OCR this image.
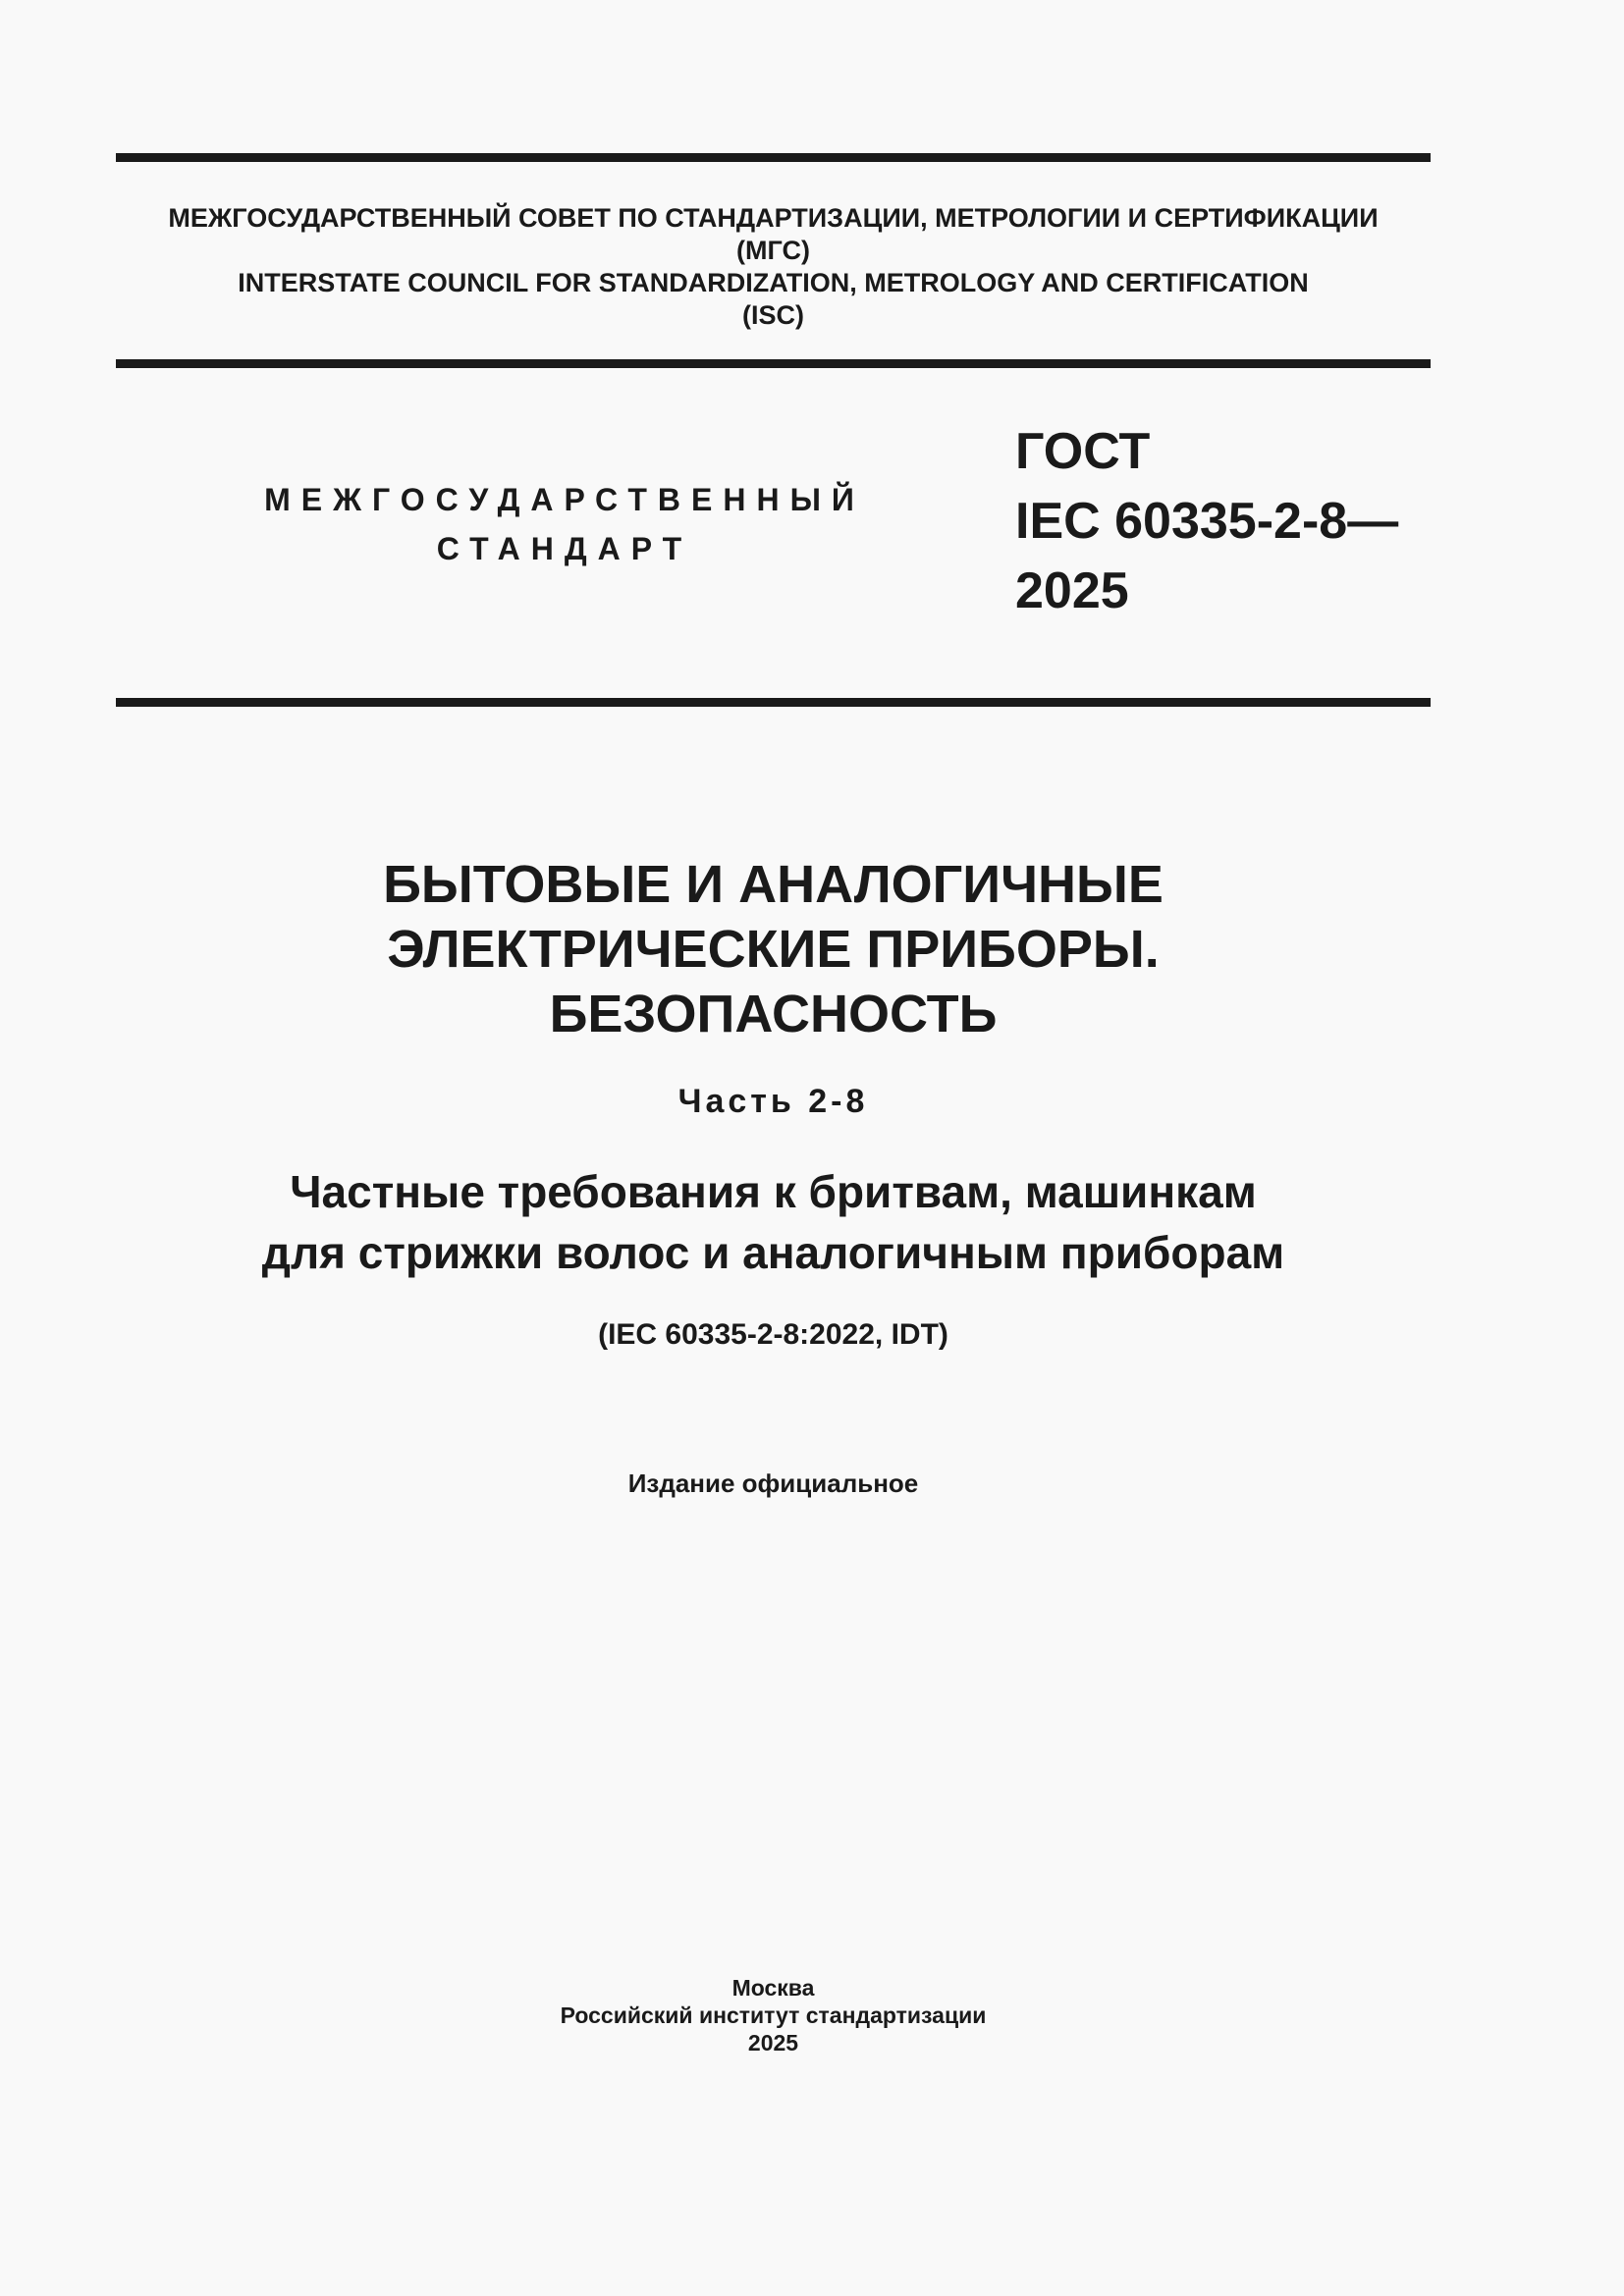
МЕЖГОСУДАРСТВЕННЫЙ СОВЕТ ПО СТАНДАРТИЗАЦИИ, МЕТРОЛОГИИ И СЕРТИФИКАЦИИ
(МГС)
INTERSTATE COUNCIL FOR STANDARDIZATION, METROLOGY AND CERTIFICATION
(ISC)
МЕЖГОСУДАРСТВЕННЫЙ
СТАНДАРТ
ГОСТ
IEC 60335-2-8—
2025
БЫТОВЫЕ И АНАЛОГИЧНЫЕ
ЭЛЕКТРИЧЕСКИЕ ПРИБОРЫ.
БЕЗОПАСНОСТЬ
Часть 2-8
Частные требования к бритвам, машинкам
для стрижки волос и аналогичным приборам
(IEC 60335-2-8:2022, IDT)
Издание официальное
Москва
Российский институт стандартизации
2025
